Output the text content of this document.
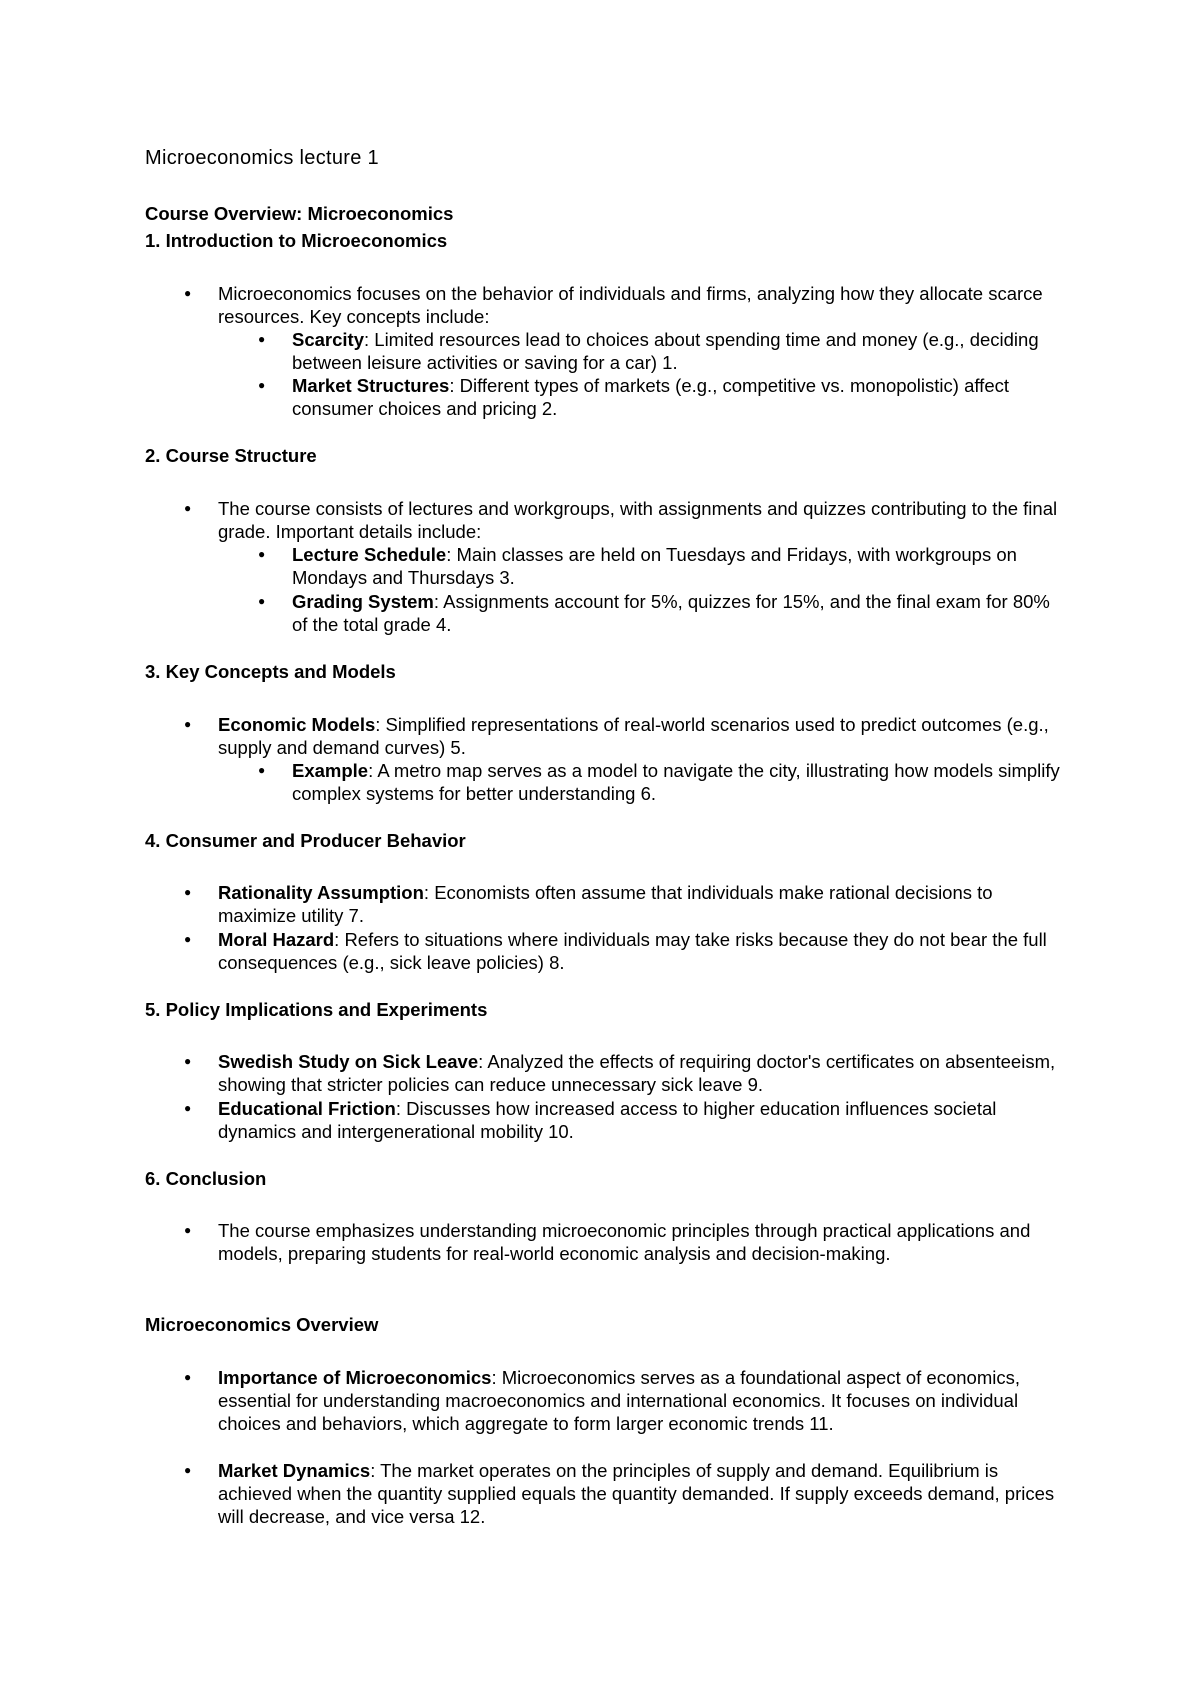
Microeconomics lecture 1
Course Overview: Microeconomics
1. Introduction to Microeconomics
● Microeconomics focuses on the behavior of individuals and firms, analyzing how they allocate scarce resources. Key concepts include:
● Scarcity: Limited resources lead to choices about spending time and money (e.g., deciding between leisure activities or saving for a car) 1.
● Market Structures: Different types of markets (e.g., competitive vs. monopolistic) affect consumer choices and pricing 2.
2. Course Structure
● The course consists of lectures and workgroups, with assignments and quizzes contributing to the final grade. Important details include:
● Lecture Schedule: Main classes are held on Tuesdays and Fridays, with workgroups on Mondays and Thursdays 3.
● Grading System: Assignments account for 5%, quizzes for 15%, and the final exam for 80% of the total grade 4.
3. Key Concepts and Models
● Economic Models: Simplified representations of real-world scenarios used to predict outcomes (e.g., supply and demand curves) 5.
● Example: A metro map serves as a model to navigate the city, illustrating how models simplify complex systems for better understanding 6.
4. Consumer and Producer Behavior
● Rationality Assumption: Economists often assume that individuals make rational decisions to maximize utility 7.
● Moral Hazard: Refers to situations where individuals may take risks because they do not bear the full consequences (e.g., sick leave policies) 8.
5. Policy Implications and Experiments
● Swedish Study on Sick Leave: Analyzed the effects of requiring doctor's certificates on absenteeism, showing that stricter policies can reduce unnecessary sick leave 9.
● Educational Friction: Discusses how increased access to higher education influences societal dynamics and intergenerational mobility 10.
6. Conclusion
● The course emphasizes understanding microeconomic principles through practical applications and models, preparing students for real-world economic analysis and decision-making.
Microeconomics Overview
● Importance of Microeconomics: Microeconomics serves as a foundational aspect of economics, essential for understanding macroeconomics and international economics. It focuses on individual choices and behaviors, which aggregate to form larger economic trends 11.
● Market Dynamics: The market operates on the principles of supply and demand. Equilibrium is achieved when the quantity supplied equals the quantity demanded. If supply exceeds demand, prices will decrease, and vice versa 12.
